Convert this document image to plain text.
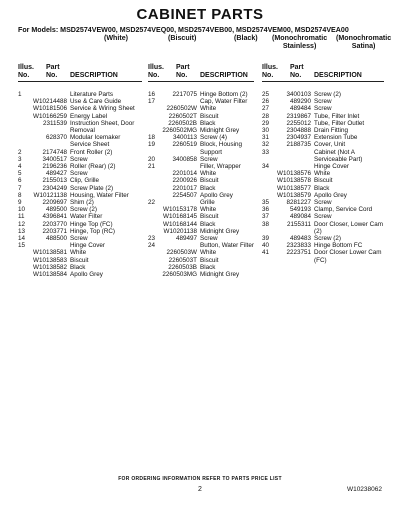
CABINET PARTS
For Models: MSD2574VEW00, MSD2574VEQ00, MSD2574VEB00, MSD2574VEM00, MSD2574VEA00
(White)	(Biscuit)	(Black) (Monochromatic
Stainless)
(Monochromatic
Satina)
Illus.
No.
Part
No. DESCRIPTION
1	Literature Parts
W10214488 Use & Care Guide
W10181506 Service & Wiring Sheet
W10166259 Energy Label
2311539 Instruction Sheet, Door Removal
628370 Modular Icemaker Service Sheet
2	2174748 Front Roller (2)
3	3400517 Screw
4	2196236 Roller (Rear) (2)
5	489427 Screw
6	2155013 Clip, Grille
7	2304249 Screw Plate (2)
8	W10121138 Housing, Water Filter
9	2209697 Shim (2)
10	489500 Screw (2)
11	4396841 Water Filter
12	2203770 Hinge Top (FC)
13	2203771 Hinge, Top (RC)
14	488500 Screw
15	Hinge Cover
W10138581 White
W10138583 Biscuit
W10138582 Black
W10138584 Apollo Grey
Illus.
No.
Part
No. DESCRIPTION
16	2217075 Hinge Bottom (2)
17	Cap, Water Filter
2260502W White
2260502T Biscuit
2260502B Black
2260502MG Midnight Grey
18	3400113 Screw (4)
19	2260519 Block, Housing Support
20	3400858 Screw
21	Filler, Wrapper
2201014 White
2200926 Biscuit
2201017 Black
2254507 Apollo Grey
22	Grille
W10153178 White
W10168145 Biscuit
W10168144 Black
W10201138 Midnight Grey
23	489497 Screw
24	Button, Water Filter
2260503W White
2260503T Biscuit
2260503B Black
2260503MG Midnight Grey
Illus.
No.
Part
No. DESCRIPTION
25	3400103 Screw (2)
26	489290 Screw
27	489484 Screw
28	2319867 Tube, Filter Inlet
29	2255012 Tube, Filter Outlet
30	2304888 Drain Fitting
31	2304937 Extension Tube
32	2188735 Cover, Unit
33	Cabinet (Not A Serviceable Part)
34	Hinge Cover
W10138576 White
W10138578 Biscuit
W10138577 Black
W10138579 Apollo Grey
35	8281227 Screw
36	549193 Clamp, Service Cord
37	489084 Screw
38	2155311 Door Closer, Lower Cam (2)
39	489483 Screw (2)
40	2323833 Hinge Bottom FC
41	2223751 Door Closer Lower Cam (FC)
FOR ORDERING INFORMATION REFER TO PARTS PRICE LIST
2	W10238062
